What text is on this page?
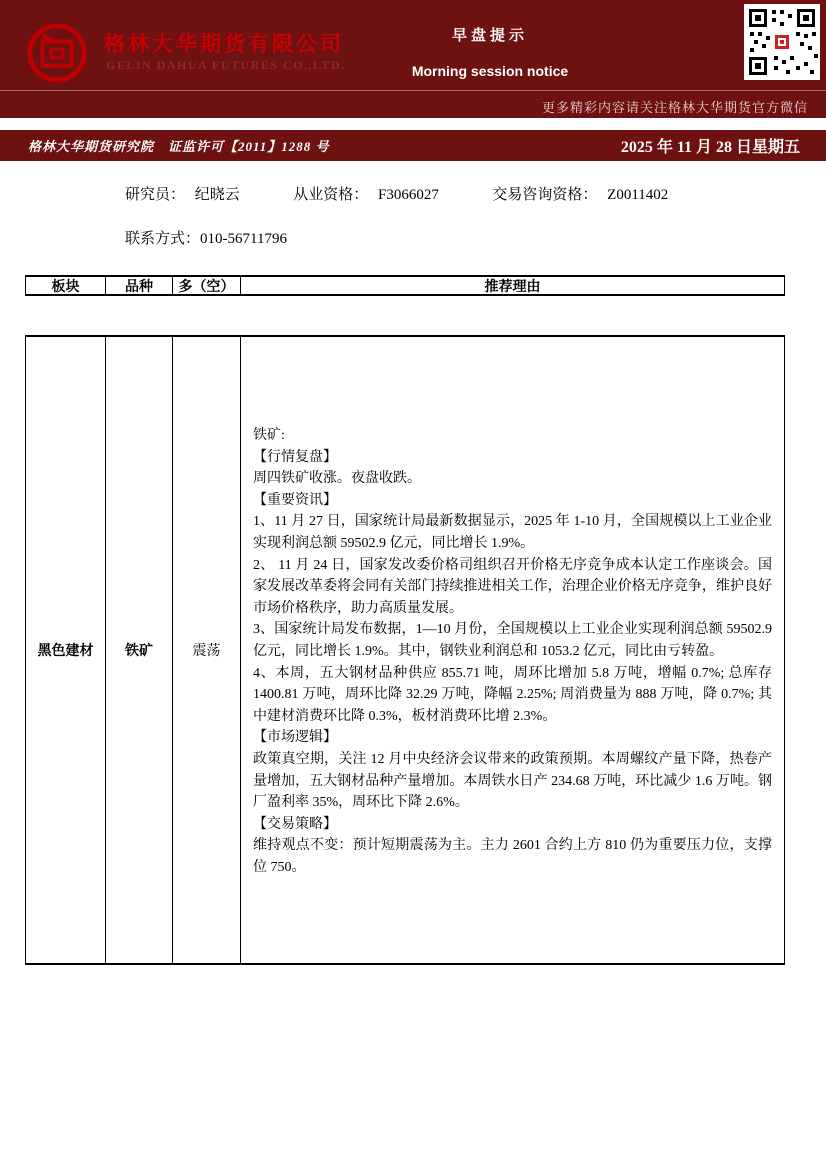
格林大华期货有限公司
GELIN DAHUA FUTURES CO.,LTD.
早盘提示
Morning session notice
更多精彩内容请关注格林大华期货官方微信
格林大华期货研究院　证监许可【2011】1288 号	2025 年 11 月 28 日星期五
研究员： 纪晓云	从业资格： F3066027	交易咨询资格： Z0011402
联系方式：010-56711796
板块	品种	多（空）	推荐理由
黑色建材	铁矿	震荡
铁矿:
【行情复盘】
周四铁矿收涨。夜盘收跌。
【重要资讯】
1、11 月 27 日，国家统计局最新数据显示，2025 年 1-10 月，全国规模以上工业企业实现利润总额 59502.9 亿元，同比增长 1.9%。
2、 11 月 24 日，国家发改委价格司组织召开价格无序竞争成本认定工作座谈会。国家发展改革委将会同有关部门持续推进相关工作，治理企业价格无序竞争，维护良好市场价格秩序，助力高质量发展。
3、国家统计局发布数据，1—10 月份，全国规模以上工业企业实现利润总额 59502.9 亿元，同比增长 1.9%。其中，钢铁业利润总和 1053.2 亿元，同比由亏转盈。
4、本周，五大钢材品种供应 855.71 吨，周环比增加 5.8 万吨，增幅 0.7%; 总库存 1400.81 万吨，周环比降 32.29 万吨，降幅 2.25%; 周消费量为 888 万吨，降 0.7%; 其中建材消费环比降 0.3%，板材消费环比增 2.3%。
【市场逻辑】
政策真空期，关注 12 月中央经济会议带来的政策预期。本周螺纹产量下降，热卷产量增加，五大钢材品种产量增加。本周铁水日产 234.68 万吨，环比减少 1.6 万吨。钢厂盈利率 35%，周环比下降 2.6%。
【交易策略】
维持观点不变：预计短期震荡为主。主力 2601 合约上方 810 仍为重要压力位，支撑位 750。
